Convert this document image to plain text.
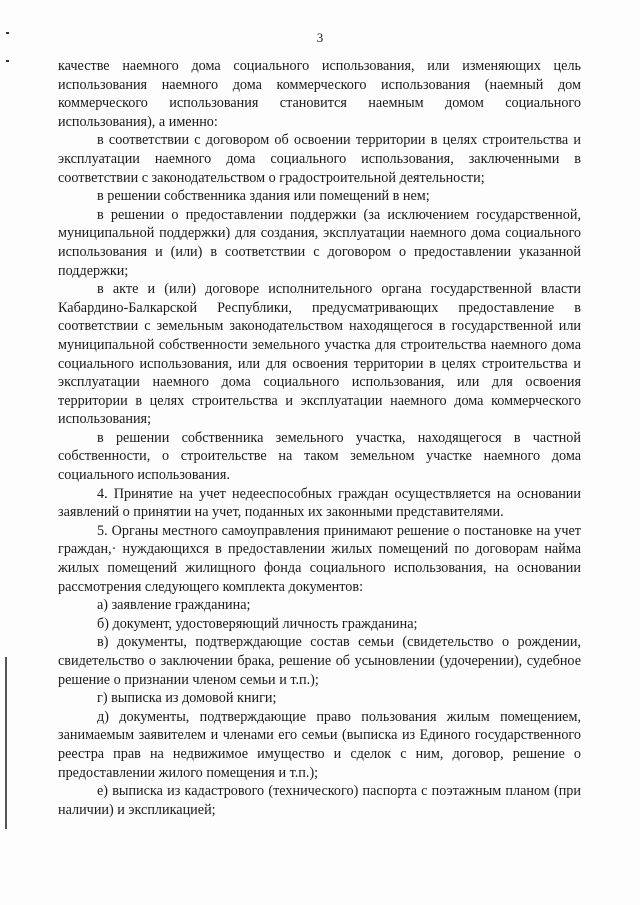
3

качестве наемного дома социального использования, или изменяющих цель использования наемного дома коммерческого использования (наемный дом коммерческого использования становится наемным домом социального использования), а именно:

в соответствии с договором об освоении территории в целях строительства и эксплуатации наемного дома социального использования, заключенными в соответствии с законодательством о градостроительной деятельности;

в решении собственника здания или помещений в нем;

в решении о предоставлении поддержки (за исключением государственной, муниципальной поддержки) для создания, эксплуатации наемного дома социального использования и (или) в соответствии с договором о предоставлении указанной поддержки;

в акте и (или) договоре исполнительного органа государственной власти Кабардино-Балкарской Республики, предусматривающих предоставление в соответствии с земельным законодательством находящегося в государственной или муниципальной собственности земельного участка для строительства наемного дома социального использования, или для освоения территории в целях строительства и эксплуатации наемного дома социального использования, или для освоения территории в целях строительства и эксплуатации наемного дома коммерческого использования;

в решении собственника земельного участка, находящегося в частной собственности, о строительстве на таком земельном участке наемного дома социального использования.

4. Принятие на учет недееспособных граждан осуществляется на основании заявлений о принятии на учет, поданных их законными представителями.

5. Органы местного самоуправления принимают решение о постановке на учет граждан,· нуждающихся в предоставлении жилых помещений по договорам найма жилых помещений жилищного фонда социального использования, на основании рассмотрения следующего комплекта документов:

а) заявление гражданина;

б) документ, удостоверяющий личность гражданина;

в) документы, подтверждающие состав семьи (свидетельство о рождении, свидетельство о заключении брака, решение об усыновлении (удочерении), судебное решение о признании членом семьи и т.п.);

г) выписка из домовой книги;

д) документы, подтверждающие право пользования жилым помещением, занимаемым заявителем и членами его семьи (выписка из Единого государственного реестра прав на недвижимое имущество и сделок с ним, договор, решение о предоставлении жилого помещения и т.п.);

е) выписка из кадастрового (технического) паспорта с поэтажным планом (при наличии) и экспликацией;
